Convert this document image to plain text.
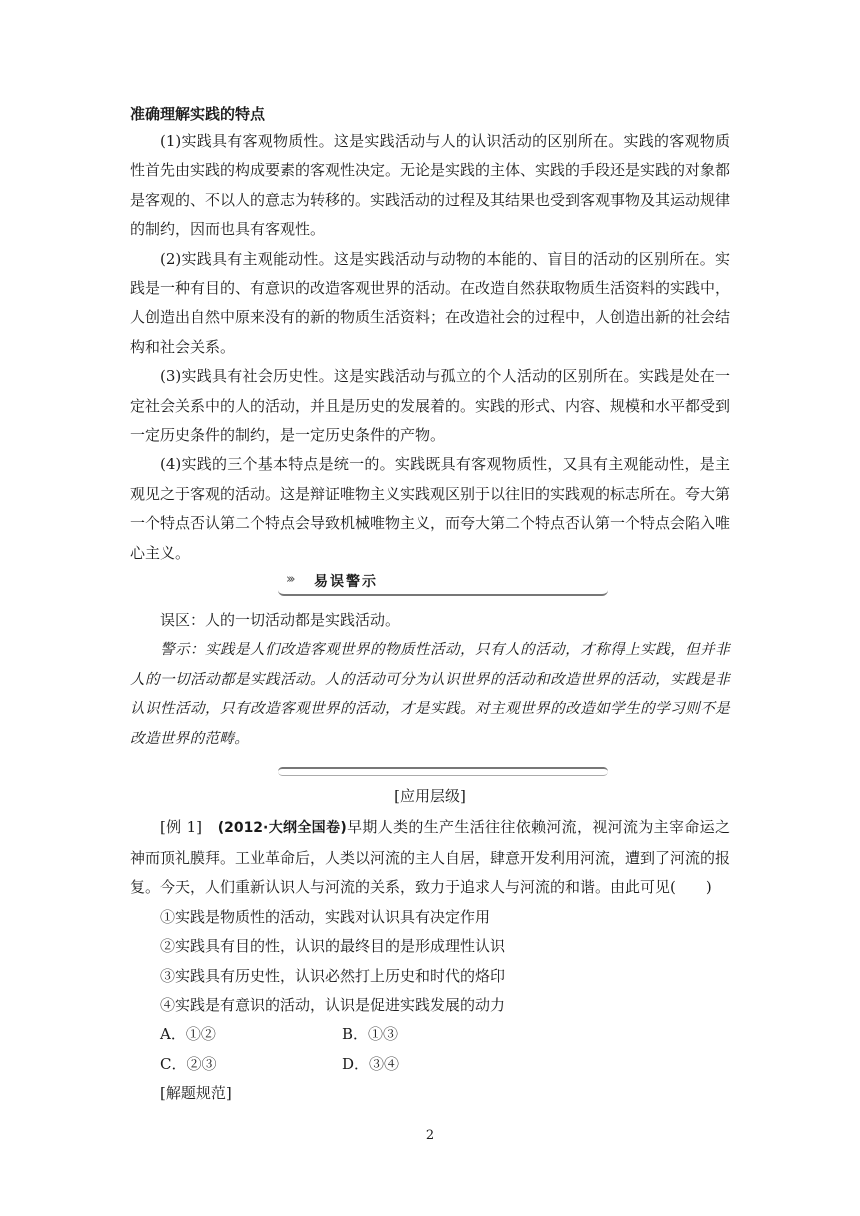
准确理解实践的特点

(1)实践具有客观物质性。这是实践活动与人的认识活动的区别所在。实践的客观物质性首先由实践的构成要素的客观性决定。无论是实践的主体、实践的手段还是实践的对象都是客观的、不以人的意志为转移的。实践活动的过程及其结果也受到客观事物及其运动规律的制约，因而也具有客观性。

(2)实践具有主观能动性。这是实践活动与动物的本能的、盲目的活动的区别所在。实践是一种有目的、有意识的改造客观世界的活动。在改造自然获取物质生活资料的实践中，人创造出自然中原来没有的新的物质生活资料；在改造社会的过程中，人创造出新的社会结构和社会关系。

(3)实践具有社会历史性。这是实践活动与孤立的个人活动的区别所在。实践是处在一定社会关系中的人的活动，并且是历史的发展着的。实践的形式、内容、规模和水平都受到一定历史条件的制约，是一定历史条件的产物。

(4)实践的三个基本特点是统一的。实践既具有客观物质性，又具有主观能动性，是主观见之于客观的活动。这是辩证唯物主义实践观区别于以往旧的实践观的标志所在。夸大第一个特点否认第二个特点会导致机械唯物主义，而夸大第二个特点否认第一个特点会陷入唯心主义。

››› 易误警示

误区：人的一切活动都是实践活动。

警示：实践是人们改造客观世界的物质性活动，只有人的活动，才称得上实践，但并非人的一切活动都是实践活动。人的活动可分为认识世界的活动和改造世界的活动，实践是非认识性活动，只有改造客观世界的活动，才是实践。对主观世界的改造如学生的学习则不是改造世界的范畴。

[应用层级]

[例 1]　 (2012·大纲全国卷)早期人类的生产生活往往依赖河流，视河流为主宰命运之神而顶礼膜拜。工业革命后，人类以河流的主人自居，肆意开发利用河流，遭到了河流的报复。今天，人们重新认识人与河流的关系，致力于追求人与河流的和谐。由此可见(　　)

①实践是物质性的活动，实践对认识具有决定作用

②实践具有目的性，认识的最终目的是形成理性认识

③实践具有历史性，认识必然打上历史和时代的烙印

④实践是有意识的活动，认识是促进实践发展的动力

A．①②	B．①③
C．②③	D．③④

[解题规范]

2
